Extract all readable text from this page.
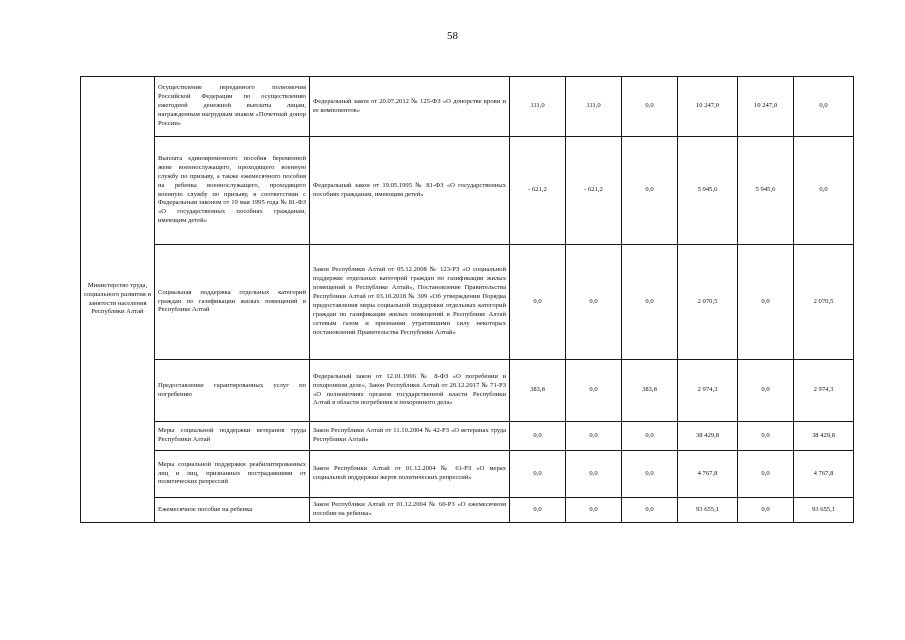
58
Министерство труда, социального развития и занятости населения Республики Алтай	Осуществление переданного полномочия Российской Федерации по осуществлению ежегодной денежной выплаты лицам, награжденным нагрудным знаком «Почетный донор России»	Федеральный закон от 20.07.2012 № 125-ФЗ «О донорстве крови и ее компонентов»	111,0	111,0	0,0	10 247,0	10 247,0	0,0
	Выплата единовременного пособия беременной жене военнослужащего, проходящего военную службу по призыву, а также ежемесячного пособия на ребенка военнослужащего, проходящего военную службу по призыву, в соответствии с Федеральным законом от 19 мая 1995 года № 81-ФЗ «О государственных пособиях гражданам, имеющим детей»	Федеральный закон от 19.05.1995 № 81-ФЗ «О государственных пособиях гражданам, имеющим детей»	- 621,2	- 621,2	0,0	5 945,6	5 945,6	0,0
	Социальная поддержка отдельных категорий граждан по газификации жилых помещений в Республике Алтай	Закон Республики Алтай от 05.12.2008 № 123-РЗ «О социальной поддержке отдельных категорий граждан по газификации жилых помещений в Республике Алтай», Постановление Правительства Республики Алтай от 03.10.2018 № 309 «Об утверждении Порядка предоставления меры социальной поддержки отдельных категорий граждан по газификации жилых помещений в Республике Алтай сетевым газом и признании утратившими силу некоторых постановлений Правительства Республики Алтай»	0,0	0,0	0,0	2 070,5	0,0	2 070,5
	Предоставление гарантированных услуг по погребению	Федеральный закон от 12.01.1996 № 8-ФЗ «О погребении и похоронном деле», Закон Республики Алтай от 20.12.2017 № 71-РЗ «О полномочиях органов государственной власти Республики Алтай в области погребения и похоронного дела»	383,8	0,0	383,8	2 974,3	0,0	2 974,3
	Меры социальной поддержки ветеранов труда Республики Алтай	Закон Республики Алтай от 11.10.2004 № 42-РЗ «О ветеранах труда Республики Алтай»	0,0	0,0	0,0	38 429,8	0,0	38 429,8
	Меры социальной поддержки реабилитированных лиц и лиц, признанных пострадавшими от политических репрессий	Закон Республики Алтай от 01.12.2004 № 61-РЗ «О мерах социальной поддержки жертв политических репрессий»	0,0	0,0	0,0	4 767,8	0,0	4 767,8
	Ежемесячное пособие на ребенка	Закон Республики Алтай от 01.12.2004 № 60-РЗ «О ежемесячном пособии на ребенка»	0,0	0,0	0,0	93 655,1	0,0	93 655,1
